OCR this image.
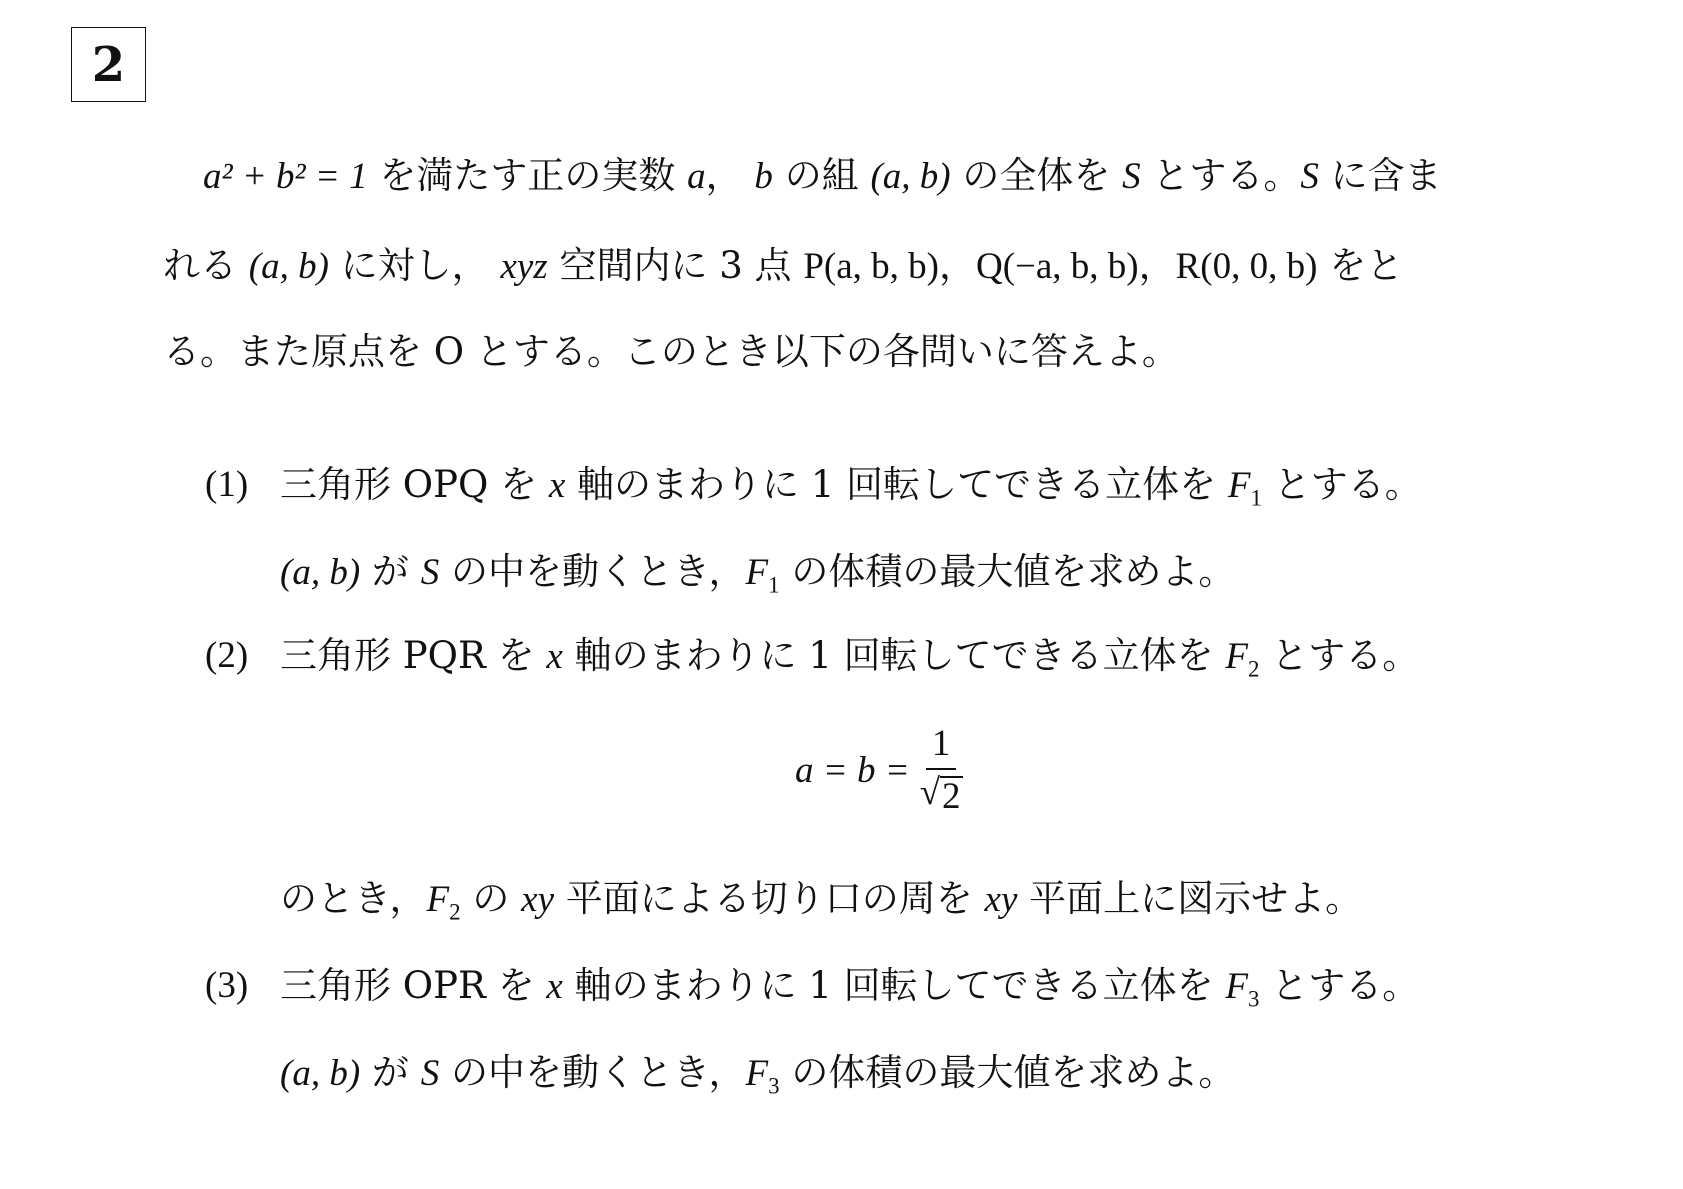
2
a² + b² = 1 を満たす正の実数 a， b の組 (a, b) の全体を S とする。S に含ま
れる (a, b) に対し， xyz 空間内に 3 点 P(a, b, b)，Q(−a, b, b)，R(0, 0, b) をと
る。また原点を O とする。このとき以下の各問いに答えよ。
(1) 三角形 OPQ を x 軸のまわりに 1 回転してできる立体を $F_1$ とする。
(a, b) が S の中を動くとき，$F_1$ の体積の最大値を求めよ。
(2) 三角形 PQR を x 軸のまわりに 1 回転してできる立体を $F_2$ とする。
$a = b = \frac{1}{√ 2}$
のとき，$F_2$ の xy 平面による切り口の周を xy 平面上に図示せよ。
(3) 三角形 OPR を x 軸のまわりに 1 回転してできる立体を $F_3$ とする。
(a, b) が S の中を動くとき，$F_3$ の体積の最大値を求めよ。
